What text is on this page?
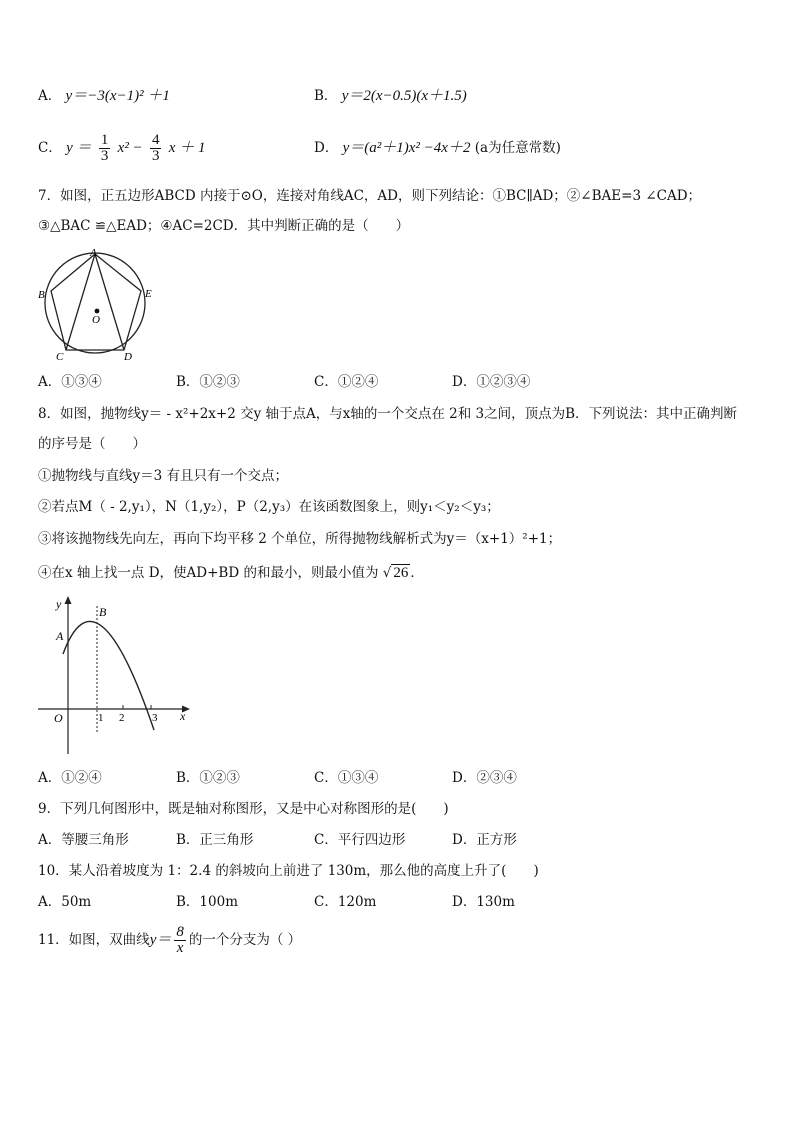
A． y＝−3(x−1)² ＋1	B． y＝2(x−0.5)(x＋1.5)
C． $y = \frac{1}{3} x^2 - \frac{4}{3}$ x ＋ 1	D． y＝(a²＋1)x² −4x＋2 (a为任意常数)
7．如图，正五边形ABCD 内接于⊙O，连接对角线AC，AD，则下列结论：①BC∥AD；②∠BAE=3 ∠CAD；
③△BAC ≌△EAD；④AC=2CD．其中判断正确的是（　　）
A
B	E
C	D
O
A．①③④	B．①②③	C．①②④	D．①②③④
8．如图，抛物线y＝ - x²+2x+2 交y 轴于点A，与x轴的一个交点在 2和 3之间，顶点为B．下列说法：其中正确判断
的序号是（　　）
①抛物线与直线y＝3 有且只有一个交点；
②若点M（ - 2,y₁），N（1,y₂），P（2,y₃）在该函数图象上，则y₁＜y₂＜y₃；
③将该抛物线先向左，再向下均平移 2 个单位，所得抛物线解析式为y＝（x+1）²+1；
④在x 轴上找一点 D，使AD+BD 的和最小，则最小值为 √ 26 ．
y
x
B
A
O	1 2	3
A．①②④	B．①②③	C．①③④	D．②③④
9．下列几何图形中，既是轴对称图形，又是中心对称图形的是(　　)
A．等腰三角形	B．正三角形	C．平行四边形	D．正方形
10．某人沿着坡度为 1：2.4 的斜坡向上前进了 130m，那么他的高度上升了(　　)
A．50m	B．100m	C．120m	D．130m
11．如图，双曲线$y= \frac{8}{x}$ 的一个分支为（ ）
